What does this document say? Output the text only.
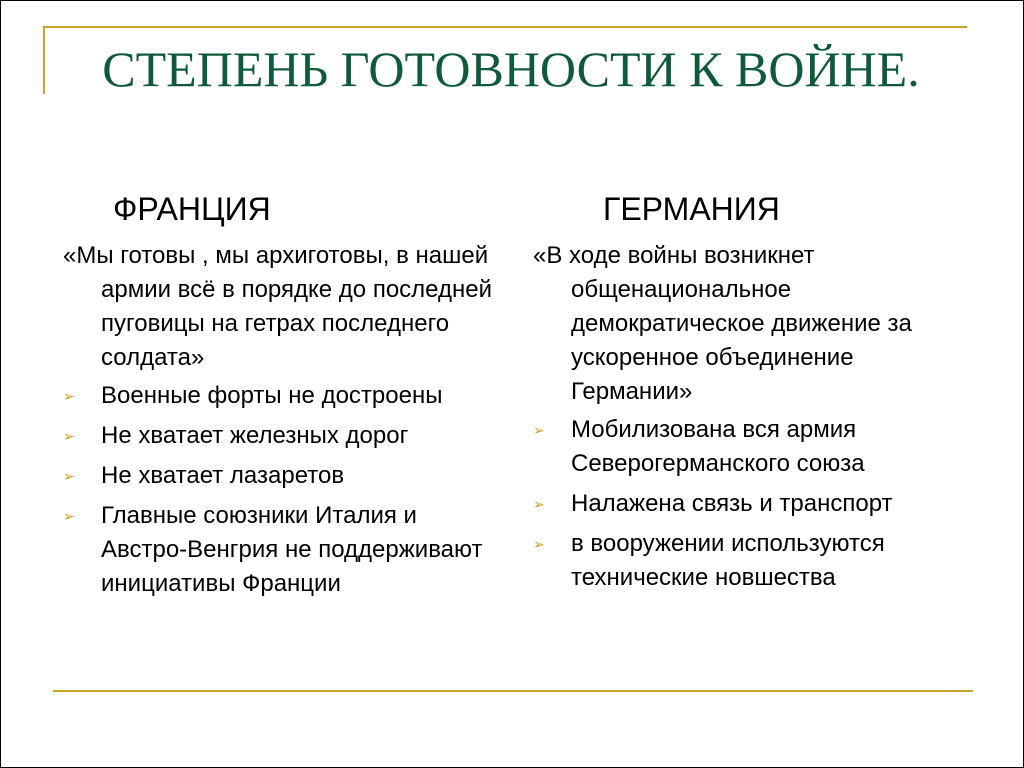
СТЕПЕНЬ ГОТОВНОСТИ К ВОЙНЕ.
ФРАНЦИЯ

«Мы готовы , мы архиготовы, в нашей армии всё в порядке до последней пуговицы на гетрах последнего солдата»

➢ Военные форты не достроены
➢ Не хватает железных дорог
➢ Не хватает лазаретов
➢ Главные союзники Италия и Австро-Венгрия не поддерживают инициативы Франции
ГЕРМАНИЯ

«В ходе войны возникнет общенациональное демократическое движение за ускоренное объединение Германии»

➢ Мобилизована вся армия Северогерманского союза
➢ Налажена связь и транспорт
➢ в вооружении используются технические новшества
